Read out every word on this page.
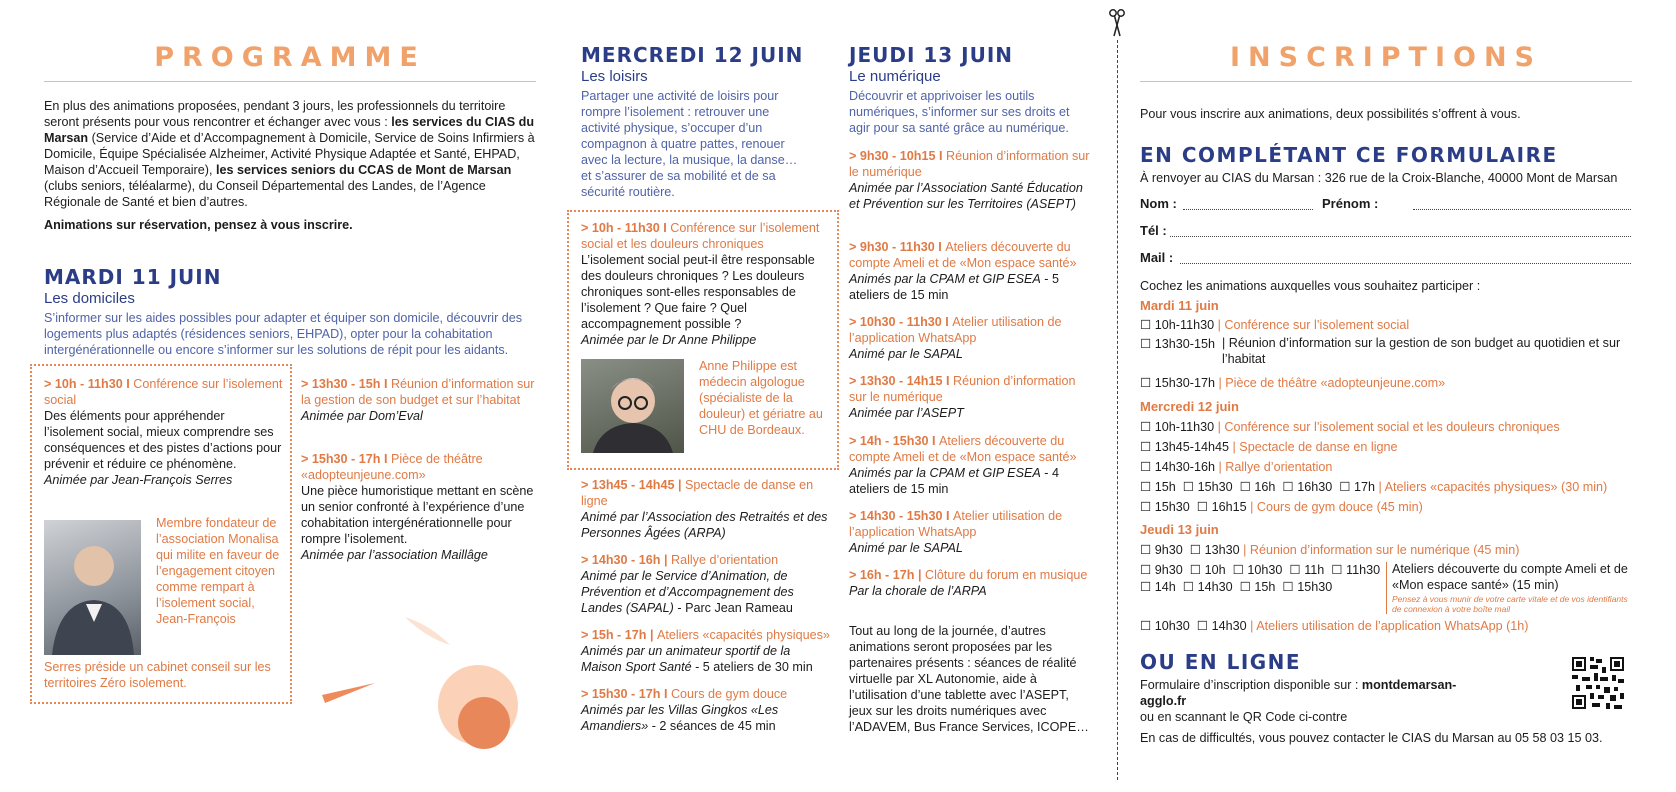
PROGRAMME
En plus des animations proposées, pendant 3 jours, les professionnels du territoire seront présents pour vous rencontrer et échanger avec vous : les services du CIAS du Marsan (Service d’Aide et d’Accompagnement à Domicile, Service de Soins Infirmiers à Domicile, Équipe Spécialisée Alzheimer, Activité Physique Adaptée et Santé, EHPAD, Maison d’Accueil Temporaire), les services seniors du CCAS de Mont de Marsan (clubs seniors, téléalarme), du Conseil Départemental des Landes, de l’Agence Régionale de Santé et bien d’autres.
Animations sur réservation, pensez à vous inscrire.
MARDI 11 JUIN
Les domiciles
S’informer sur les aides possibles pour adapter et équiper son domicile, découvrir des logements plus adaptés (résidences seniors, EHPAD), opter pour la cohabitation intergénérationnelle ou encore s’informer sur les solutions de répit pour les aidants.
> 10h - 11h30 I Conférence sur l’isolement social
Des éléments pour appréhender l’isolement social, mieux comprendre ses conséquences et des pistes d’actions pour prévenir et réduire ce phénomène.
Animée par Jean-François Serres
Membre fondateur de l’association Monalisa qui milite en faveur de l’engagement citoyen comme rempart à l’isolement social, Jean-François
Serres préside un cabinet conseil sur les territoires Zéro isolement.
> 13h30 - 15h I Réunion d’information sur la gestion de son budget et sur l’habitat
Animée par Dom’Eval
> 15h30 - 17h I Pièce de théâtre «adopteunjeune.com»
Une pièce humoristique mettant en scène un senior confronté à l’expérience d’une cohabitation intergénérationnelle pour rompre l’isolement.
Animée par l’association Maillâge
MERCREDI 12 JUIN
Les loisirs
Partager une activité de loisirs pour rompre l’isolement : retrouver une activité physique, s’occuper d’un compagnon à quatre pattes, renouer avec la lecture, la musique, la danse… et s’assurer de sa mobilité et de sa sécurité routière.
> 10h - 11h30 I Conférence sur l’isolement social et les douleurs chroniques
L’isolement social peut-il être responsable des douleurs chroniques ? Les douleurs chroniques sont-elles responsables de l’isolement ? Que faire ? Quel accompagnement possible ?
Animée par le Dr Anne Philippe
Anne Philippe est médecin algologue (spécialiste de la douleur) et gériatre au CHU de Bordeaux.
> 13h45 - 14h45 | Spectacle de danse en ligne
Animé par l’Association des Retraités et des Personnes Âgées (ARPA)
> 14h30 - 16h | Rallye d’orientation
Animé par le Service d’Animation, de Prévention et d’Accompagnement des Landes (SAPAL) - Parc Jean Rameau
> 15h - 17h | Ateliers «capacités physiques»
Animés par un animateur sportif de la Maison Sport Santé - 5 ateliers de 30 min
> 15h30 - 17h I Cours de gym douce
Animés par les Villas Gingkos «Les Amandiers» - 2 séances de 45 min
JEUDI 13 JUIN
Le numérique
Découvrir et apprivoiser les outils numériques, s’informer sur ses droits et agir pour sa santé grâce au numérique.
> 9h30 - 10h15 I Réunion d’information sur le numérique
Animée par l’Association Santé Éducation et Prévention sur les Territoires (ASEPT)
> 9h30 - 11h30 I Ateliers découverte du compte Ameli et de «Mon espace santé»
Animés par la CPAM et GIP ESEA - 5 ateliers de 15 min
> 10h30 - 11h30 I Atelier utilisation de l’application WhatsApp
Animé par le SAPAL
> 13h30 - 14h15 I Réunion d’information sur le numérique
Animée par l’ASEPT
> 14h - 15h30 I Ateliers découverte du compte Ameli et de «Mon espace santé»
Animés par la CPAM et GIP ESEA - 4 ateliers de 15 min
> 14h30 - 15h30 I Atelier utilisation de l’application WhatsApp
Animé par le SAPAL
> 16h - 17h | Clôture du forum en musique
Par la chorale de l’ARPA
Tout au long de la journée, d’autres animations seront proposées par les partenaires présents : séances de réalité virtuelle par XL Autonomie, aide à l’utilisation d’une tablette avec l’ASEPT, jeux sur les droits numériques avec l’ADAVEM, Bus France Services, ICOPE…
INSCRIPTIONS
Pour vous inscrire aux animations, deux possibilités s’offrent à vous.
EN COMPLÉTANT CE FORMULAIRE
À renvoyer au CIAS du Marsan : 326 rue de la Croix-Blanche, 40000 Mont de Marsan
Nom :	Prénom :
Tél :
Mail :
Cochez les animations auxquelles vous souhaitez participer :
Mardi 11 juin
☐ 10h-11h30 | Conférence sur l’isolement social
☐ 13h30-15h | Réunion d’information sur la gestion de son budget au quotidien et sur l’habitat
☐ 15h30-17h | Pièce de théâtre «adopteunjeune.com»
Mercredi 12 juin
☐ 10h-11h30 | Conférence sur l’isolement social et les douleurs chroniques
☐ 13h45-14h45 | Spectacle de danse en ligne
☐ 14h30-16h | Rallye d’orientation
☐ 15h  ☐ 15h30  ☐ 16h  ☐ 16h30  ☐ 17h | Ateliers «capacités physiques» (30 min)
☐ 15h30  ☐ 16h15 | Cours de gym douce (45 min)
Jeudi 13 juin
☐ 9h30  ☐ 13h30 | Réunion d’information sur le numérique (45 min)
☐ 9h30  ☐ 10h  ☐ 10h30  ☐ 11h  ☐ 11h30
☐ 14h  ☐ 14h30  ☐ 15h  ☐ 15h30
Ateliers découverte du compte Ameli et de «Mon espace santé» (15 min)
Pensez à vous munir de votre carte vitale et de vos identifiants de connexion à votre boîte mail
☐ 10h30  ☐ 14h30 | Ateliers utilisation de l’application WhatsApp (1h)
OU EN LIGNE
Formulaire d’inscription disponible sur : montdemarsan-agglo.fr
ou en scannant le QR Code ci-contre
En cas de difficultés, vous pouvez contacter le CIAS du Marsan au 05 58 03 15 03.
